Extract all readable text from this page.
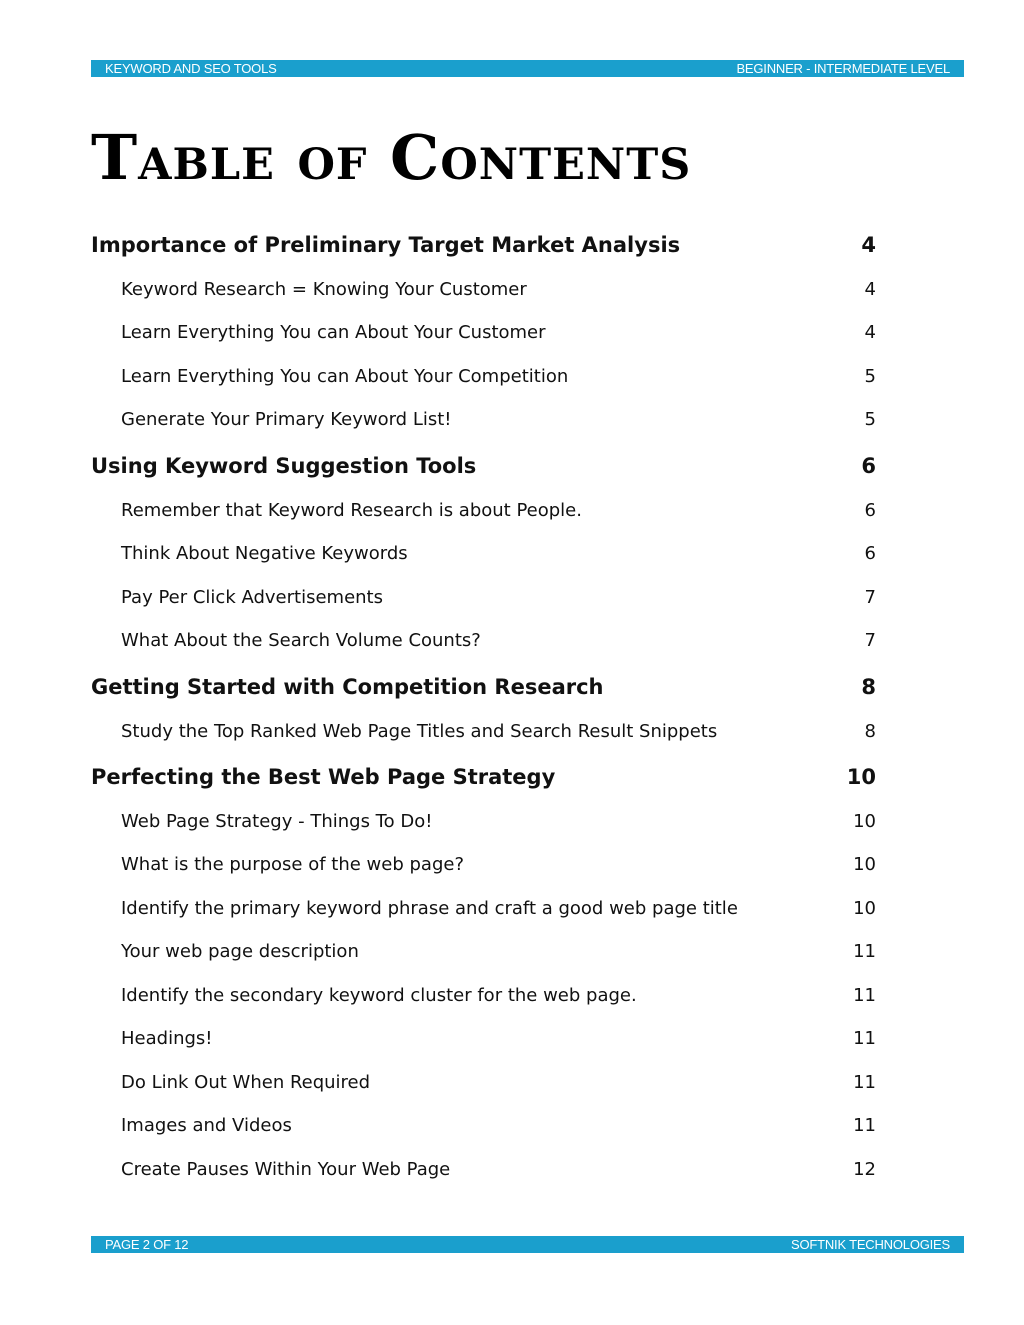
KEYWORD AND SEO TOOLS	BEGINNER - INTERMEDIATE LEVEL
Table of Contents
Importance of Preliminary Target Market Analysis	4
Keyword Research = Knowing Your Customer	4
Learn Everything You can About Your Customer	4
Learn Everything You can About Your Competition	5
Generate Your Primary Keyword List!	5
Using Keyword Suggestion Tools	6
Remember that Keyword Research is about People.	6
Think About Negative Keywords	6
Pay Per Click Advertisements	7
What About the Search Volume Counts?	7
Getting Started with Competition Research	8
Study the Top Ranked Web Page Titles and Search Result Snippets	8
Perfecting the Best Web Page Strategy	10
Web Page Strategy - Things To Do!	10
What is the purpose of the web page?	10
Identify the primary keyword phrase and craft a good web page title	10
Your web page description	11
Identify the secondary keyword cluster for the web page.	11
Headings!	11
Do Link Out When Required	11
Images and Videos	11
Create Pauses Within Your Web Page	12
PAGE 2 OF 12	SOFTNIK TECHNOLOGIES
